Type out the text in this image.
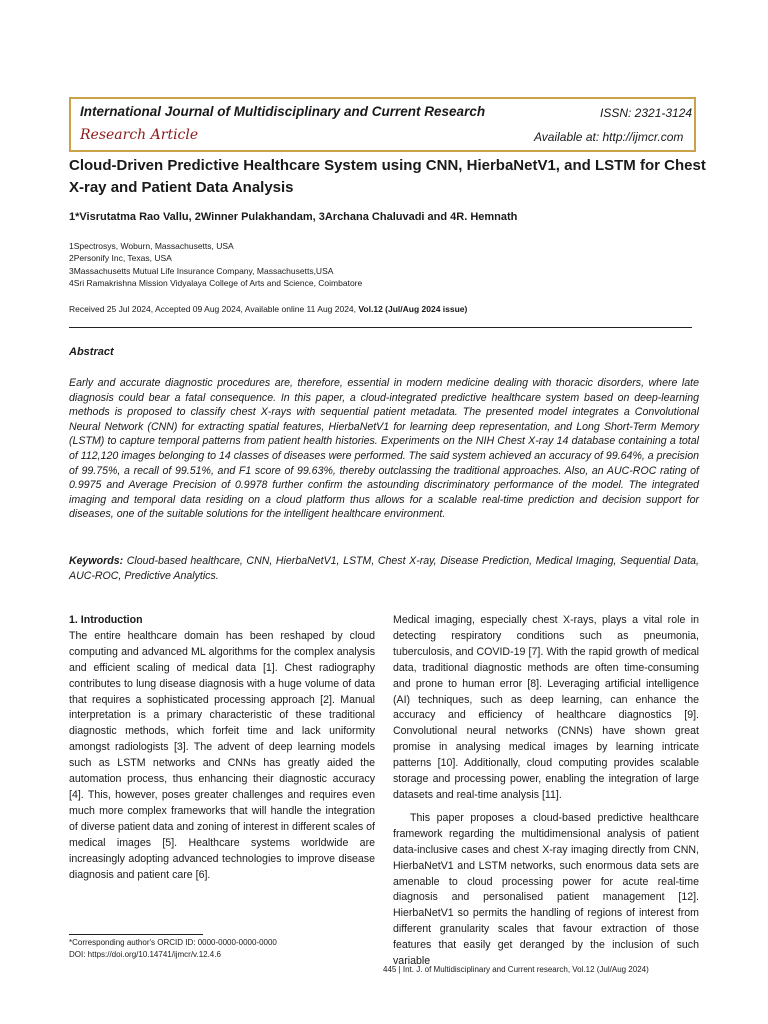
International Journal of Multidisciplinary and Current Research	ISSN: 2321-3124
Research Article	Available at: http://ijmcr.com
Cloud-Driven Predictive Healthcare System using CNN, HierbaNetV1, and LSTM for Chest X-ray and Patient Data Analysis
1*Visrutatma Rao Vallu, 2Winner Pulakhandam, 3Archana Chaluvadi and 4R. Hemnath
1Spectrosys, Woburn, Massachusetts, USA
2Personify Inc, Texas, USA
3Massachusetts Mutual Life Insurance Company, Massachusetts,USA
4Sri Ramakrishna Mission Vidyalaya College of Arts and Science, Coimbatore
Received 25 Jul 2024, Accepted 09 Aug 2024, Available online 11 Aug 2024, Vol.12 (Jul/Aug 2024 issue)
Abstract
Early and accurate diagnostic procedures are, therefore, essential in modern medicine dealing with thoracic disorders, where late diagnosis could bear a fatal consequence. In this paper, a cloud-integrated predictive healthcare system based on deep-learning methods is proposed to classify chest X-rays with sequential patient metadata. The presented model integrates a Convolutional Neural Network (CNN) for extracting spatial features, HierbaNetV1 for learning deep representation, and Long Short-Term Memory (LSTM) to capture temporal patterns from patient health histories. Experiments on the NIH Chest X-ray 14 database containing a total of 112,120 images belonging to 14 classes of diseases were performed. The said system achieved an accuracy of 99.64%, a precision of 99.75%, a recall of 99.51%, and F1 score of 99.63%, thereby outclassing the traditional approaches. Also, an AUC-ROC rating of 0.9975 and Average Precision of 0.9978 further confirm the astounding discriminatory performance of the model. The integrated imaging and temporal data residing on a cloud platform thus allows for a scalable real-time prediction and decision support for diseases, one of the suitable solutions for the intelligent healthcare environment.
Keywords: Cloud-based healthcare, CNN, HierbaNetV1, LSTM, Chest X-ray, Disease Prediction, Medical Imaging, Sequential Data, AUC-ROC, Predictive Analytics.

1. Introduction

The entire healthcare domain has been reshaped by cloud computing and advanced ML algorithms for the complex analysis and efficient scaling of medical data [1]. Chest radiography contributes to lung disease diagnosis with a huge volume of data that requires a sophisticated processing approach [2]. Manual interpretation is a primary characteristic of these traditional diagnostic methods, which forfeit time and lack uniformity amongst radiologists [3]. The advent of deep learning models such as LSTM networks and CNNs has greatly aided the automation process, thus enhancing their diagnostic accuracy [4]. This, however, poses greater challenges and requires even much more complex frameworks that will handle the integration of diverse patient data and zoning of interest in different scales of medical images [5]. Healthcare systems worldwide are increasingly adopting advanced technologies to improve disease diagnosis and patient care [6].

Medical imaging, especially chest X-rays, plays a vital role in detecting respiratory conditions such as pneumonia, tuberculosis, and COVID-19 [7]. With the rapid growth of medical data, traditional diagnostic methods are often time-consuming and prone to human error [8]. Leveraging artificial intelligence (AI) techniques, such as deep learning, can enhance the accuracy and efficiency of healthcare diagnostics [9]. Convolutional neural networks (CNNs) have shown great promise in analysing medical images by learning intricate patterns [10]. Additionally, cloud computing provides scalable storage and processing power, enabling the integration of large datasets and real-time analysis [11].

This paper proposes a cloud-based predictive healthcare framework regarding the multidimensional analysis of patient data-inclusive cases and chest X-ray imaging directly from CNN, HierbaNetV1 and LSTM networks, such enormous data sets are amenable to cloud processing power for acute real-time diagnosis and personalised patient management [12]. HierbaNetV1 so permits the handling of regions of interest from different granularity scales that favour extraction of those features that easily get deranged by the inclusion of such variable

*Corresponding author's ORCID ID: 0000-0000-0000-0000
DOI: https://doi.org/10.14741/ijmcr/v.12.4.6
445 | Int. J. of Multidisciplinary and Current research, Vol.12 (Jul/Aug 2024)
